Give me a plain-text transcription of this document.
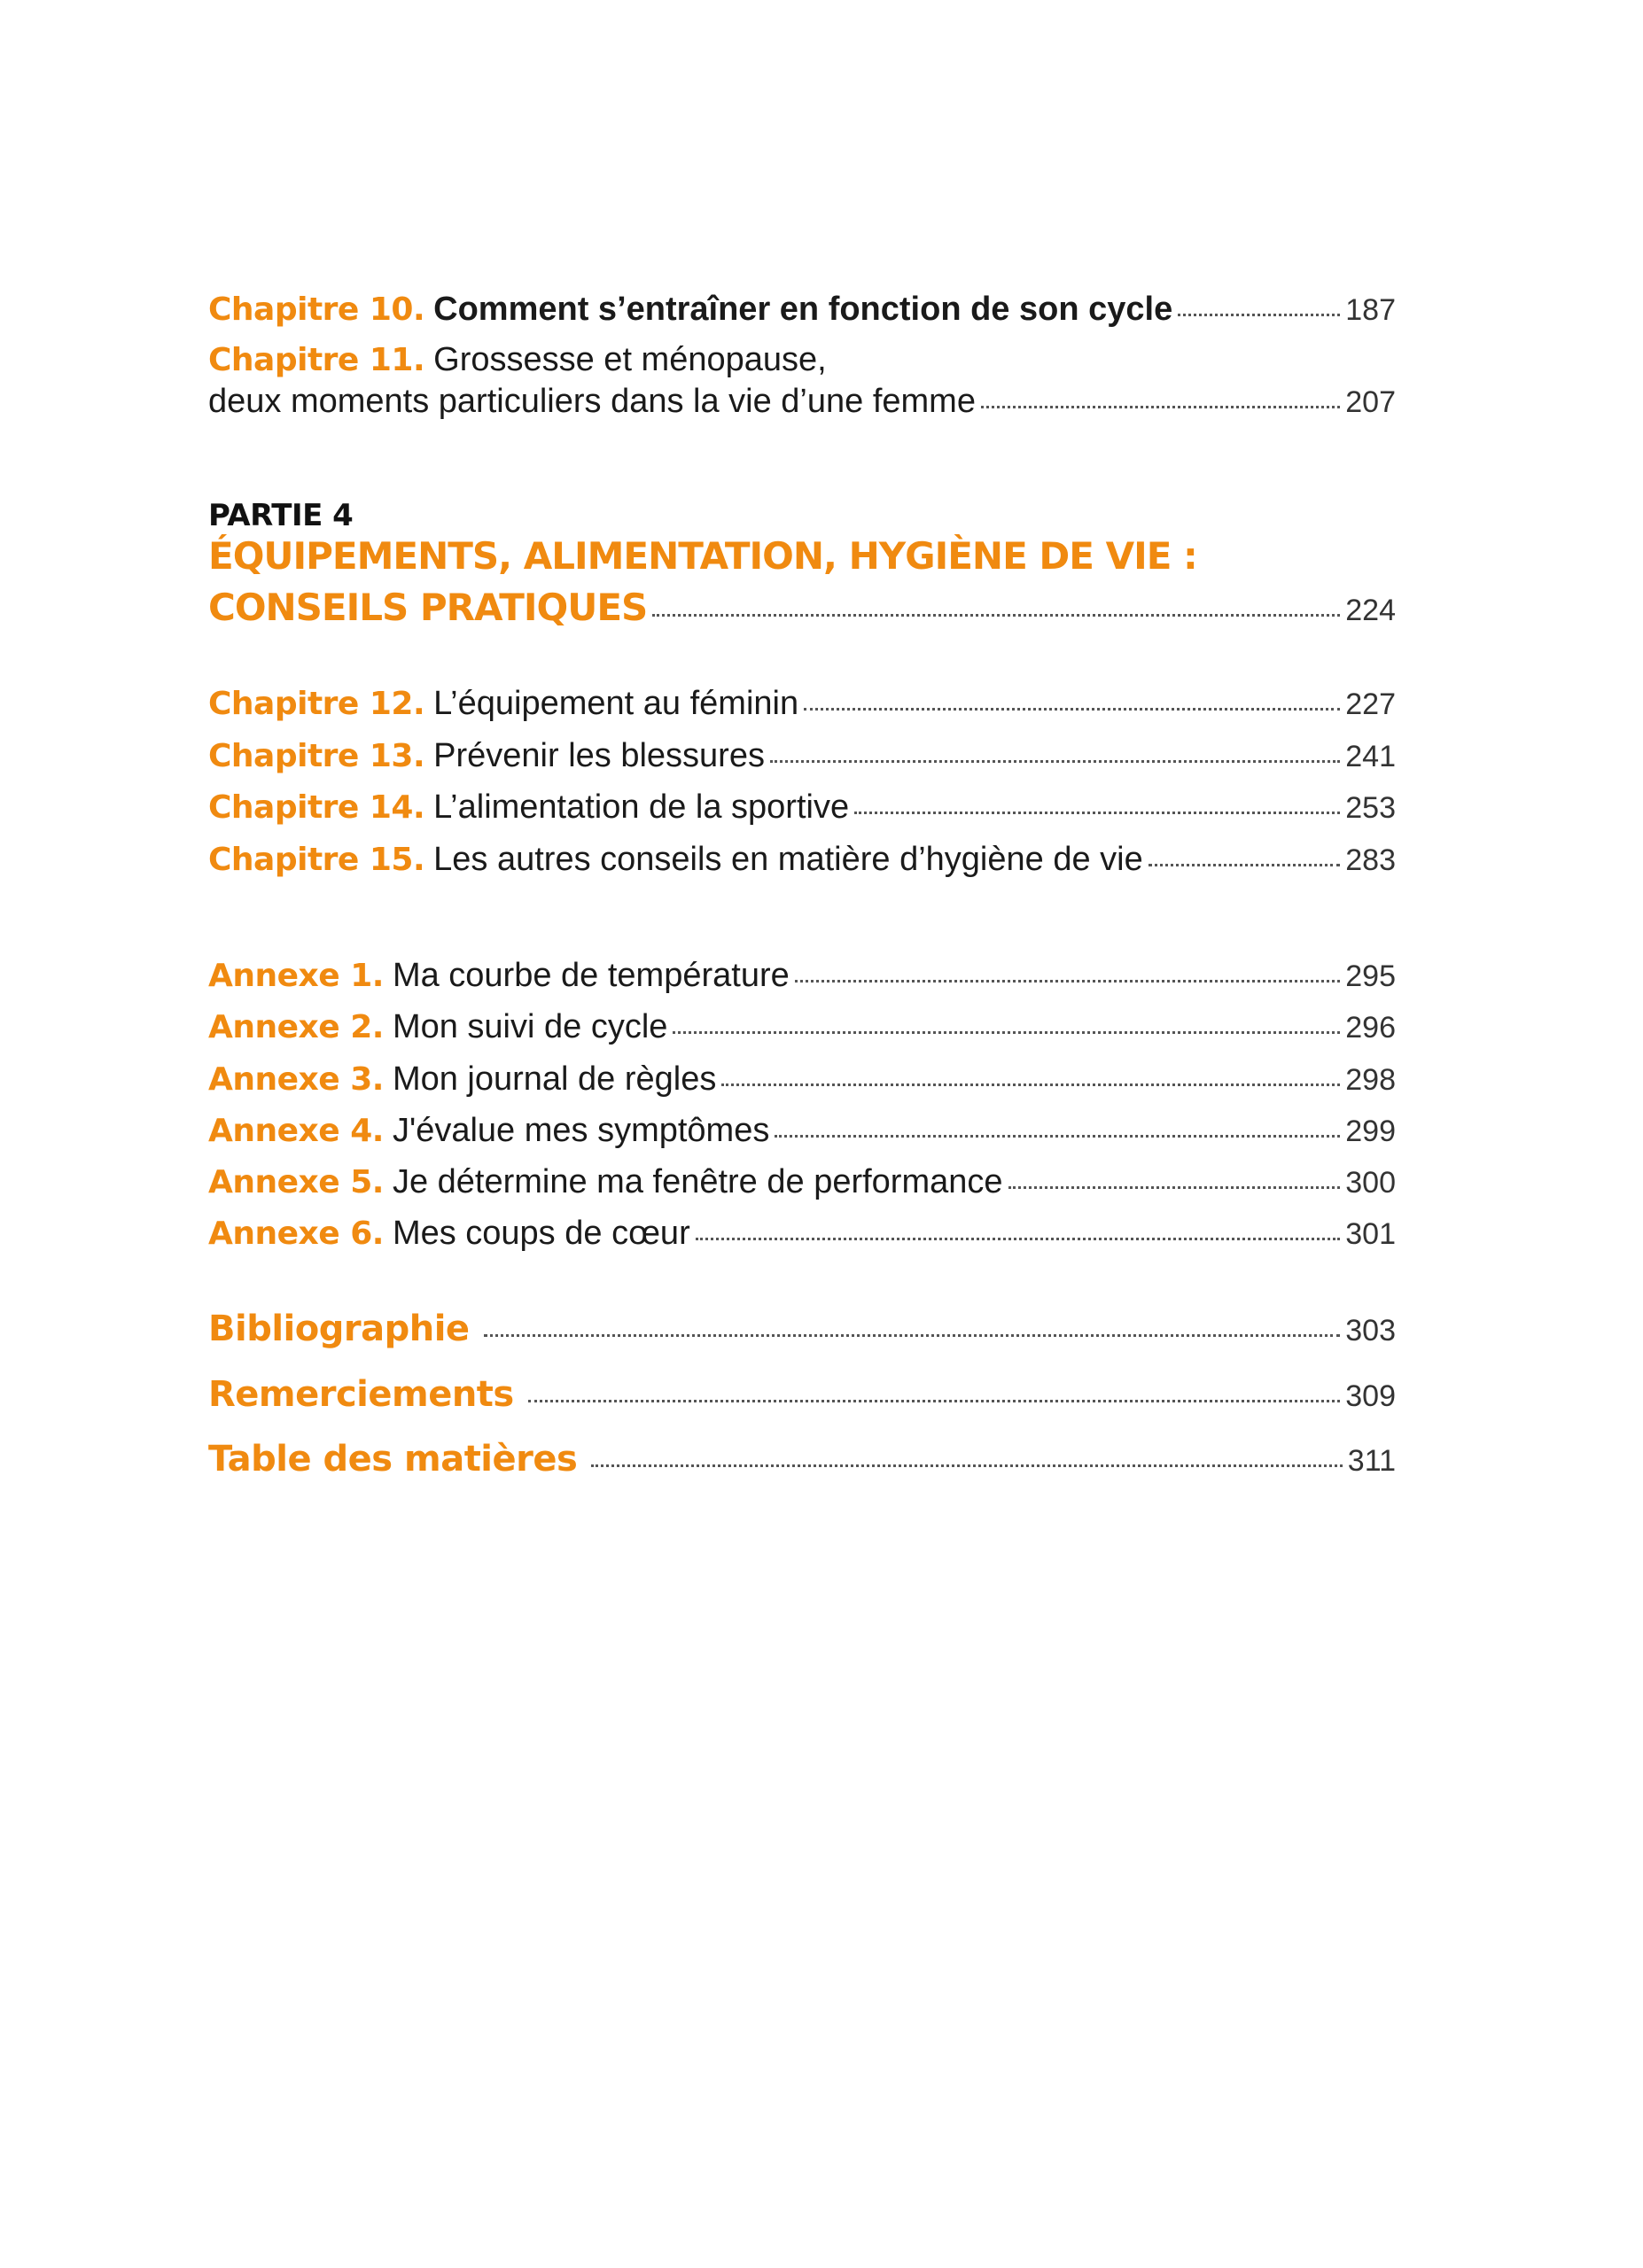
Chapitre 10. Comment s’entraîner en fonction de son cycle	187
Chapitre 11. Grossesse et ménopause,
deux moments particuliers dans la vie d’une femme	207
PARTIE 4
ÉQUIPEMENTS, ALIMENTATION, HYGIÈNE DE VIE :
CONSEILS PRATIQUES	224
Chapitre 12. L’équipement au féminin	227
Chapitre 13. Prévenir les blessures	241
Chapitre 14. L’alimentation de la sportive	253
Chapitre 15. Les autres conseils en matière d’hygiène de vie	283
Annexe 1. Ma courbe de température	295
Annexe 2. Mon suivi de cycle	296
Annexe 3. Mon journal de règles	298
Annexe 4. J'évalue mes symptômes	299
Annexe 5. Je détermine ma fenêtre de performance	300
Annexe 6. Mes coups de cœur	301
Bibliographie	303
Remerciements	309
Table des matières	311
